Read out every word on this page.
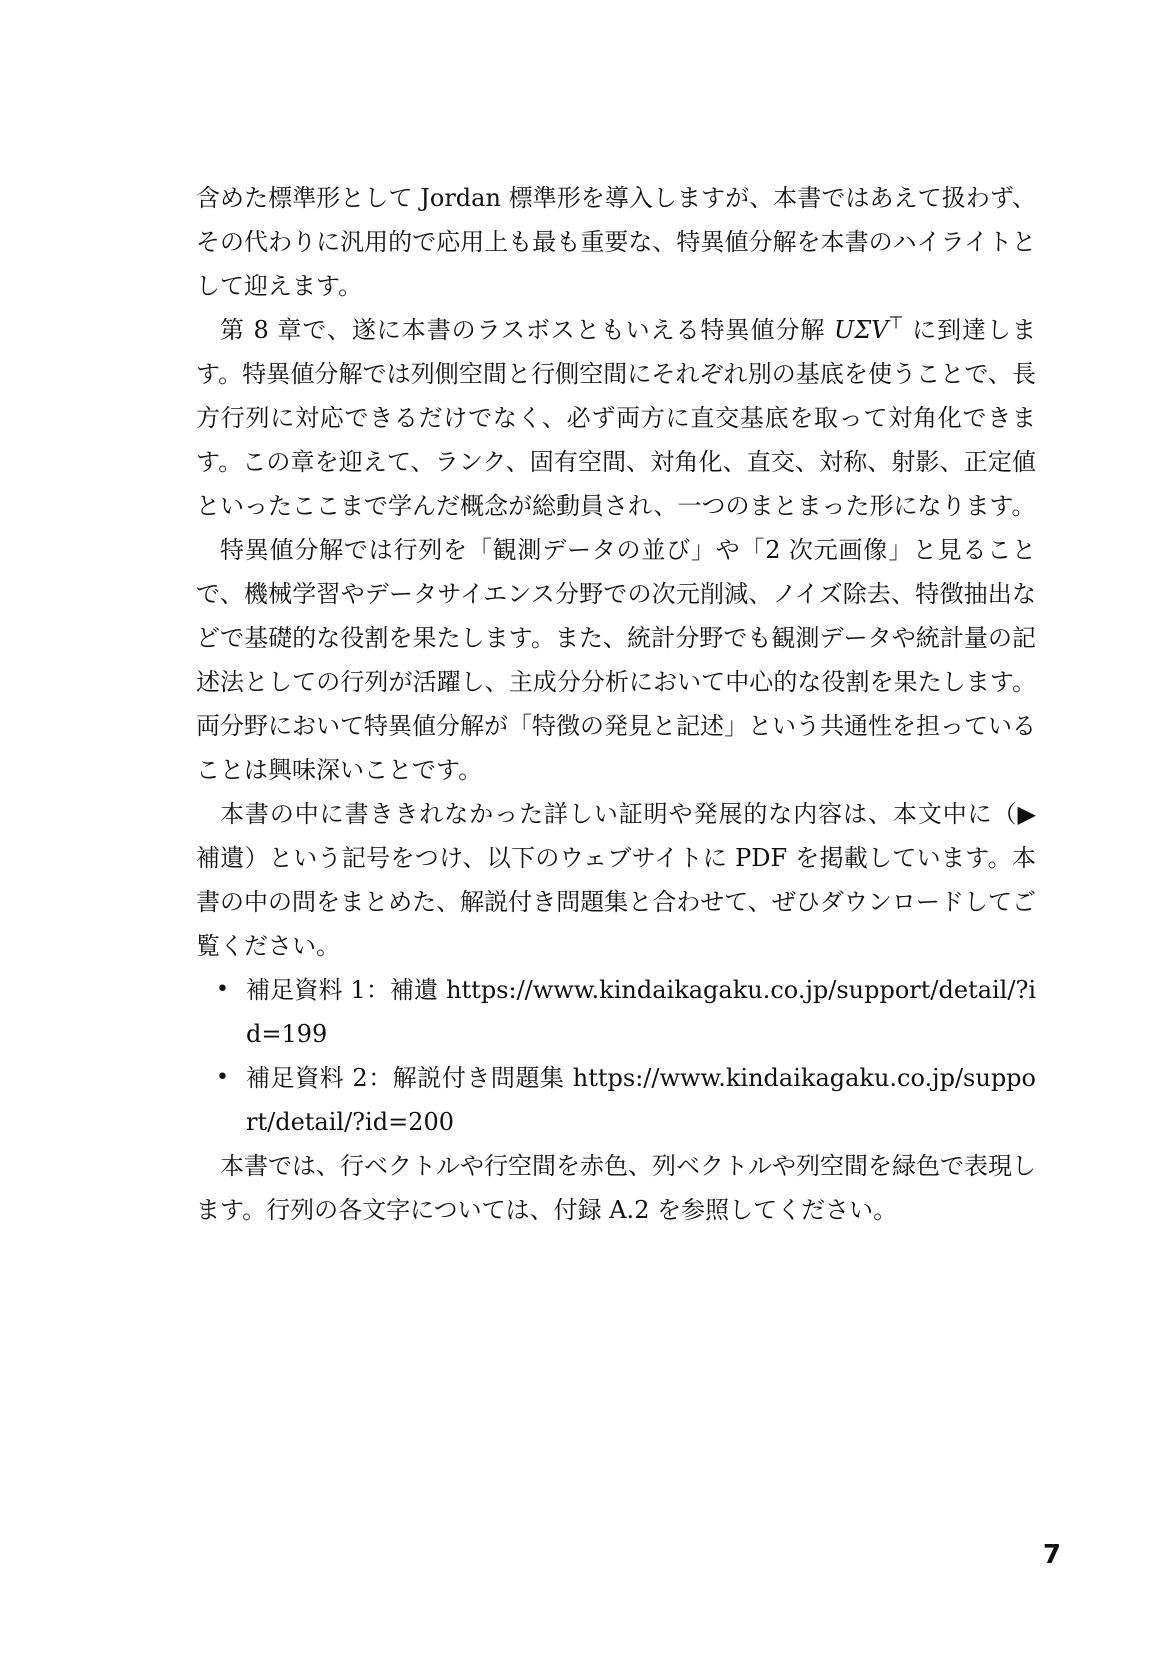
含めた標準形として Jordan 標準形を導入しますが、本書ではあえて扱わず、その代わりに汎用的で応用上も最も重要な、特異値分解を本書のハイライトとして迎えます。

第 8 章で、遂に本書のラスボスともいえる特異値分解 UΣV⊤ に到達します。特異値分解では列側空間と行側空間にそれぞれ別の基底を使うことで、長方行列に対応できるだけでなく、必ず両方に直交基底を取って対角化できます。この章を迎えて、ランク、固有空間、対角化、直交、対称、射影、正定値といったここまで学んだ概念が総動員され、一つのまとまった形になります。

特異値分解では行列を「観測データの並び」や「2 次元画像」と見ることで、機械学習やデータサイエンス分野での次元削減、ノイズ除去、特徴抽出などで基礎的な役割を果たします。また、統計分野でも観測データや統計量の記述法としての行列が活躍し、主成分分析において中心的な役割を果たします。両分野において特異値分解が「特徴の発見と記述」という共通性を担っていることは興味深いことです。

本書の中に書ききれなかった詳しい証明や発展的な内容は、本文中に（▶ 補遺）という記号をつけ、以下のウェブサイトに PDF を掲載しています。本書の中の問をまとめた、解説付き問題集と合わせて、ぜひダウンロードしてご覧ください。

• 補足資料 1：補遺 https://www.kindaikagaku.co.jp/support/detail/?id=199
• 補足資料 2：解説付き問題集 https://www.kindaikagaku.co.jp/support/detail/?id=200

本書では、行ベクトルや行空間を赤色、列ベクトルや列空間を緑色で表現します。行列の各文字については、付録 A.2 を参照してください。

7
